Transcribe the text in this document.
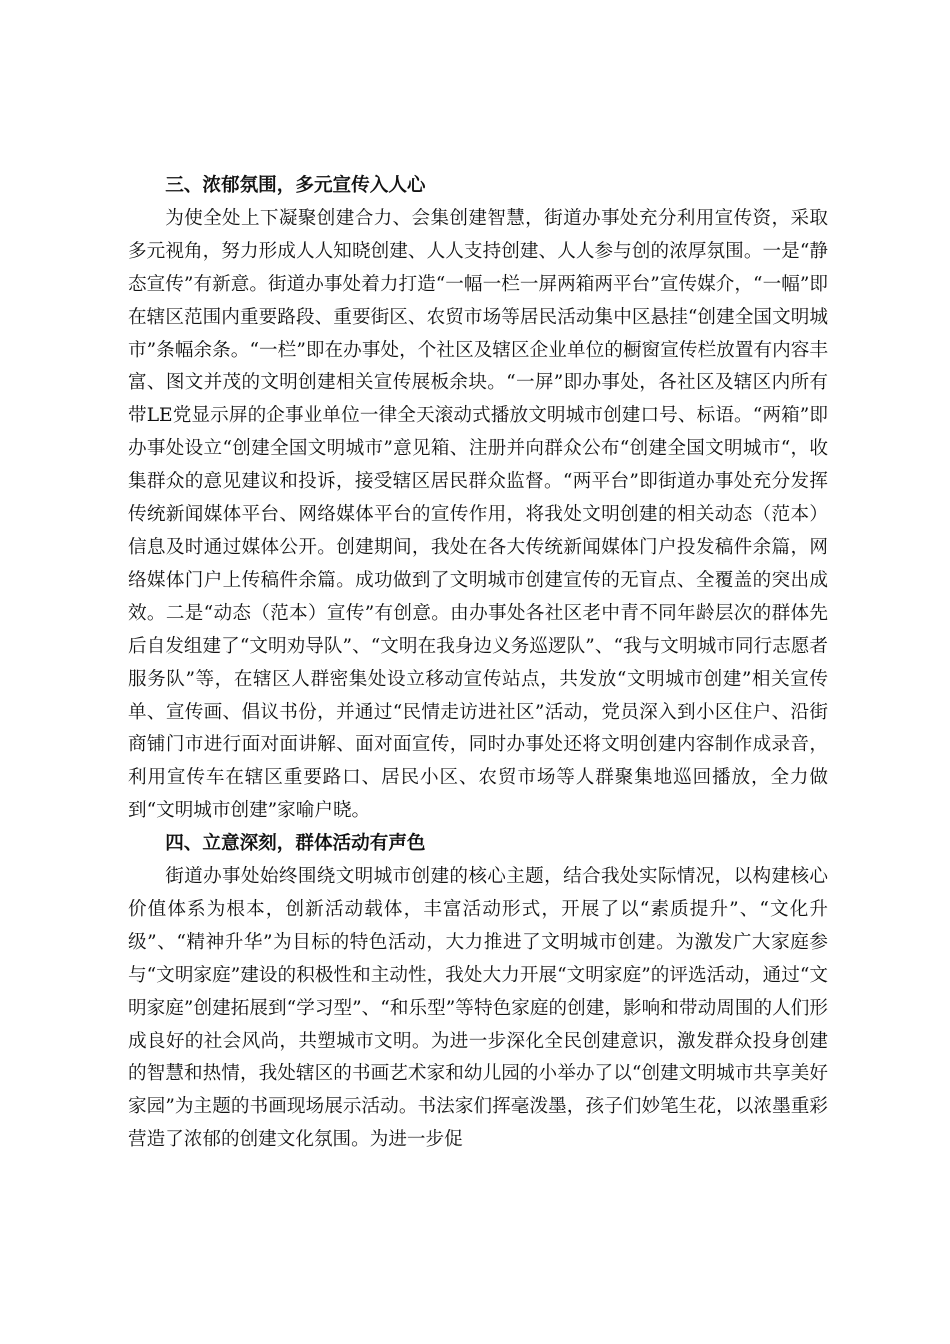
三、浓郁氛围，多元宣传入人心

为使全处上下凝聚创建合力、会集创建智慧，街道办事处充分利用宣传资，采取多元视角，努力形成人人知晓创建、人人支持创建、人人参与创的浓厚氛围。一是“静态宣传”有新意。街道办事处着力打造“一幅一栏一屏两箱两平台”宣传媒介，“一幅”即在辖区范围内重要路段、重要街区、农贸市场等居民活动集中区悬挂“创建全国文明城市”条幅余条。“一栏”即在办事处，个社区及辖区企业单位的橱窗宣传栏放置有内容丰富、图文并茂的文明创建相关宣传展板余块。“一屏”即办事处，各社区及辖区内所有带LE党显示屏的企事业单位一律全天滚动式播放文明城市创建口号、标语。“两箱”即办事处设立“创建全国文明城市”意见箱、注册并向群众公布“创建全国文明城市“，收集群众的意见建议和投诉，接受辖区居民群众监督。“两平台”即街道办事处充分发挥传统新闻媒体平台、网络媒体平台的宣传作用，将我处文明创建的相关动态（范本）信息及时通过媒体公开。创建期间，我处在各大传统新闻媒体门户投发稿件余篇，网络媒体门户上传稿件余篇。成功做到了文明城市创建宣传的无盲点、全覆盖的突出成效。二是“动态（范本）宣传”有创意。由办事处各社区老中青不同年龄层次的群体先后自发组建了“文明劝导队”、“文明在我身边义务巡逻队”、“我与文明城市同行志愿者服务队”等，在辖区人群密集处设立移动宣传站点，共发放“文明城市创建”相关宣传单、宣传画、倡议书份，并通过“民情走访进社区”活动，党员深入到小区住户、沿街商铺门市进行面对面讲解、面对面宣传，同时办事处还将文明创建内容制作成录音，利用宣传车在辖区重要路口、居民小区、农贸市场等人群聚集地巡回播放，全力做到“文明城市创建”家喻户晓。

四、立意深刻，群体活动有声色

街道办事处始终围绕文明城市创建的核心主题，结合我处实际情况，以构建核心价值体系为根本，创新活动载体，丰富活动形式，开展了以“素质提升”、“文化升级”、“精神升华”为目标的特色活动，大力推进了文明城市创建。为激发广大家庭参与“文明家庭”建设的积极性和主动性，我处大力开展“文明家庭”的评选活动，通过“文明家庭”创建拓展到“学习型”、“和乐型”等特色家庭的创建，影响和带动周围的人们形成良好的社会风尚，共塑城市文明。为进一步深化全民创建意识，激发群众投身创建的智慧和热情，我处辖区的书画艺术家和幼儿园的小举办了以“创建文明城市共享美好家园”为主题的书画现场展示活动。书法家们挥毫泼墨，孩子们妙笔生花，以浓墨重彩营造了浓郁的创建文化氛围。为进一步促
